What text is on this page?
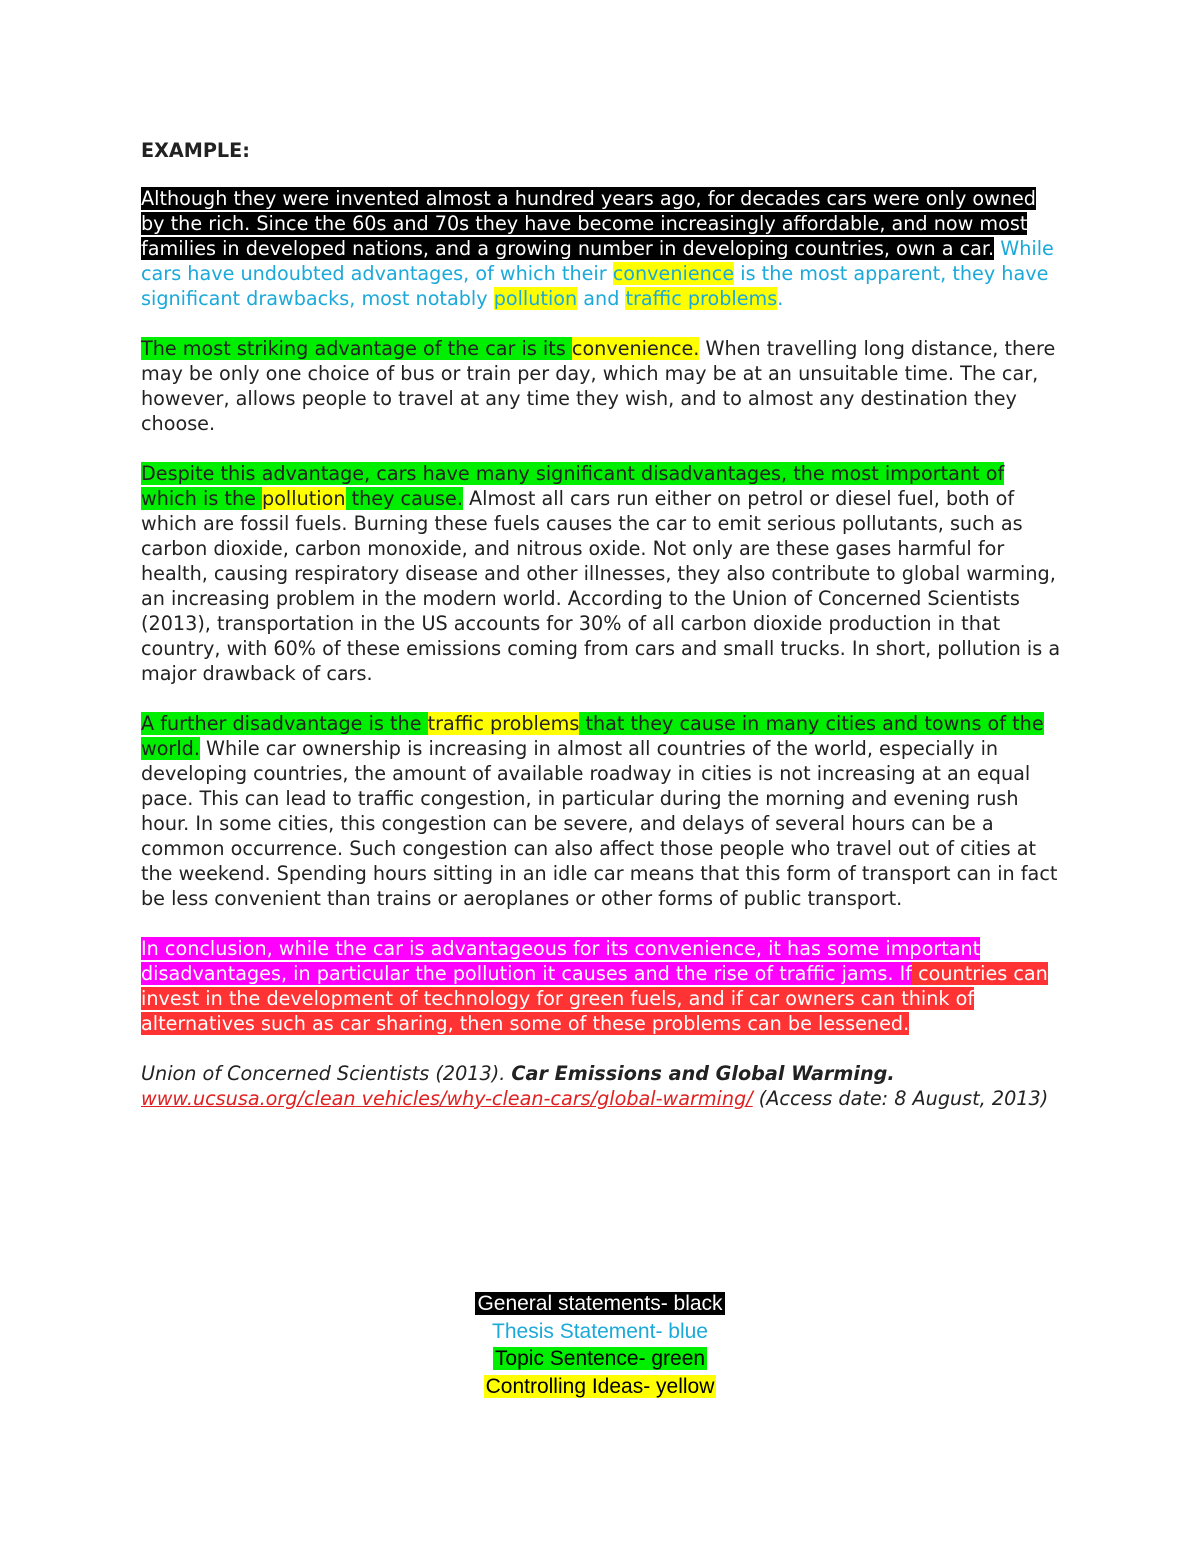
EXAMPLE:

Although they were invented almost a hundred years ago, for decades cars were only owned by the rich. Since the 60s and 70s they have become increasingly affordable, and now most families in developed nations, and a growing number in developing countries, own a car. While cars have undoubted advantages, of which their convenience is the most apparent, they have significant drawbacks, most notably pollution and traffic problems.

The most striking advantage of the car is its convenience. When travelling long distance, there may be only one choice of bus or train per day, which may be at an unsuitable time. The car, however, allows people to travel at any time they wish, and to almost any destination they choose.

Despite this advantage, cars have many significant disadvantages, the most important of which is the pollution they cause. Almost all cars run either on petrol or diesel fuel, both of which are fossil fuels. Burning these fuels causes the car to emit serious pollutants, such as carbon dioxide, carbon monoxide, and nitrous oxide. Not only are these gases harmful for health, causing respiratory disease and other illnesses, they also contribute to global warming, an increasing problem in the modern world. According to the Union of Concerned Scientists (2013), transportation in the US accounts for 30% of all carbon dioxide production in that country, with 60% of these emissions coming from cars and small trucks. In short, pollution is a major drawback of cars.

A further disadvantage is the traffic problems that they cause in many cities and towns of the world. While car ownership is increasing in almost all countries of the world, especially in developing countries, the amount of available roadway in cities is not increasing at an equal pace. This can lead to traffic congestion, in particular during the morning and evening rush hour. In some cities, this congestion can be severe, and delays of several hours can be a common occurrence. Such congestion can also affect those people who travel out of cities at the weekend. Spending hours sitting in an idle car means that this form of transport can in fact be less convenient than trains or aeroplanes or other forms of public transport.

In conclusion, while the car is advantageous for its convenience, it has some important disadvantages, in particular the pollution it causes and the rise of traffic jams. If countries can invest in the development of technology for green fuels, and if car owners can think of alternatives such as car sharing, then some of these problems can be lessened.

Union of Concerned Scientists (2013). Car Emissions and Global Warming.
www.ucsusa.org/clean vehicles/why-clean-cars/global-warming/ (Access date: 8 August, 2013)

General statements- black
Thesis Statement- blue
Topic Sentence- green
Controlling Ideas- yellow
